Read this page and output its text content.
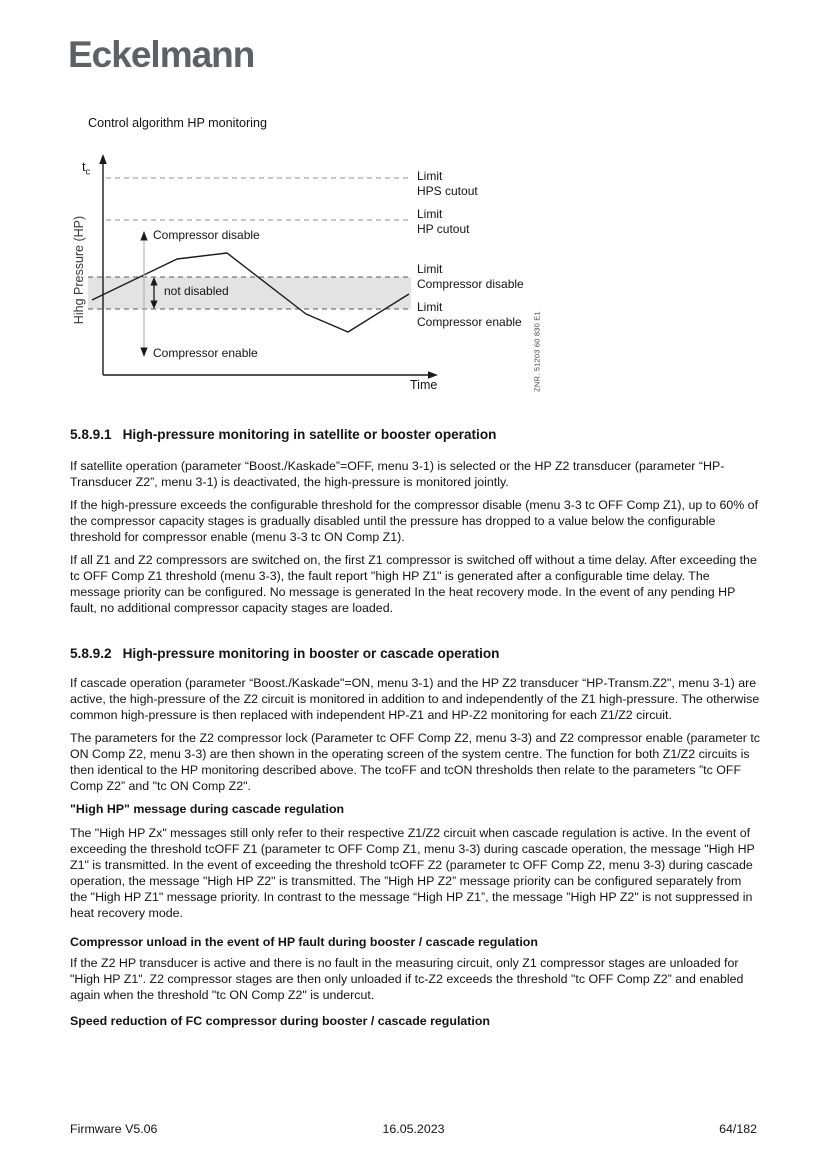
Eckelmann
Control algorithm HP monitoring
$t_c$
Hihg Pressure (HP)	Compressor disable
not disabled
Compressor enable
Limit
HPS cutout
Limit
HP cutout
Limit
Compressor disable
Limit
Compressor enable
Time	ZNR. 51203 60 830 E1
5.8.9.1 High-pressure monitoring in satellite or booster operation

If satellite operation (parameter “Boost./Kaskade”=OFF, menu 3-1) is selected or the HP Z2 transducer (parameter “HP-Transducer Z2”, menu 3-1) is deactivated, the high-pressure is monitored jointly.

If the high-pressure exceeds the configurable threshold for the compressor disable (menu 3-3 tc OFF Comp Z1), up to 60% of the compressor capacity stages is gradually disabled until the pressure has dropped to a value below the configurable threshold for compressor enable (menu 3-3 tc ON Comp Z1).

If all Z1 and Z2 compressors are switched on, the first Z1 compressor is switched off without a time delay. After exceeding the tc OFF Comp Z1 threshold (menu 3-3), the fault report "high HP Z1" is generated after a configurable time delay. The message priority can be configured. No message is generated In the heat recovery mode. In the event of any pending HP fault, no additional compressor capacity stages are loaded.

5.8.9.2 High-pressure monitoring in booster or cascade operation

If cascade operation (parameter “Boost./Kaskade"=ON, menu 3-1) and the HP Z2 transducer “HP-Transm.Z2", menu 3-1) are active, the high-pressure of the Z2 circuit is monitored in addition to and independently of the Z1 high-pressure. The otherwise common high-pressure is then replaced with independent HP-Z1 and HP-Z2 monitoring for each Z1/Z2 circuit.

The parameters for the Z2 compressor lock (Parameter tc OFF Comp Z2, menu 3-3) and Z2 compressor enable (parameter tc ON Comp Z2, menu 3-3) are then shown in the operating screen of the system centre. The function for both Z1/Z2 circuits is then identical to the HP monitoring described above. The tcoFF and tcON thresholds then relate to the parameters ”tc OFF Comp Z2” and "tc ON Comp Z2".

"High HP" message during cascade regulation

The "High HP Zx" messages still only refer to their respective Z1/Z2 circuit when cascade regulation is active. In the event of exceeding the threshold tcOFF Z1 (parameter tc OFF Comp Z1, menu 3-3) during cascade operation, the message "High HP Z1" is transmitted. In the event of exceeding the threshold tcOFF Z2 (parameter tc OFF Comp Z2, menu 3-3) during cascade operation, the message "High HP Z2" is transmitted. The ”High HP Z2” message priority can be configured separately from the "High HP Z1" message priority. In contrast to the message “High HP Z1”, the message ”High HP Z2" is not suppressed in heat recovery mode.

Compressor unload in the event of HP fault during booster / cascade regulation

If the Z2 HP transducer is active and there is no fault in the measuring circuit, only Z1 compressor stages are unloaded for "High HP Z1". Z2 compressor stages are then only unloaded if tc-Z2 exceeds the threshold "tc OFF Comp Z2” and enabled again when the threshold "tc ON Comp Z2" is undercut.

Speed reduction of FC compressor during booster / cascade regulation
Firmware V5.06	16.05.2023	64/182
